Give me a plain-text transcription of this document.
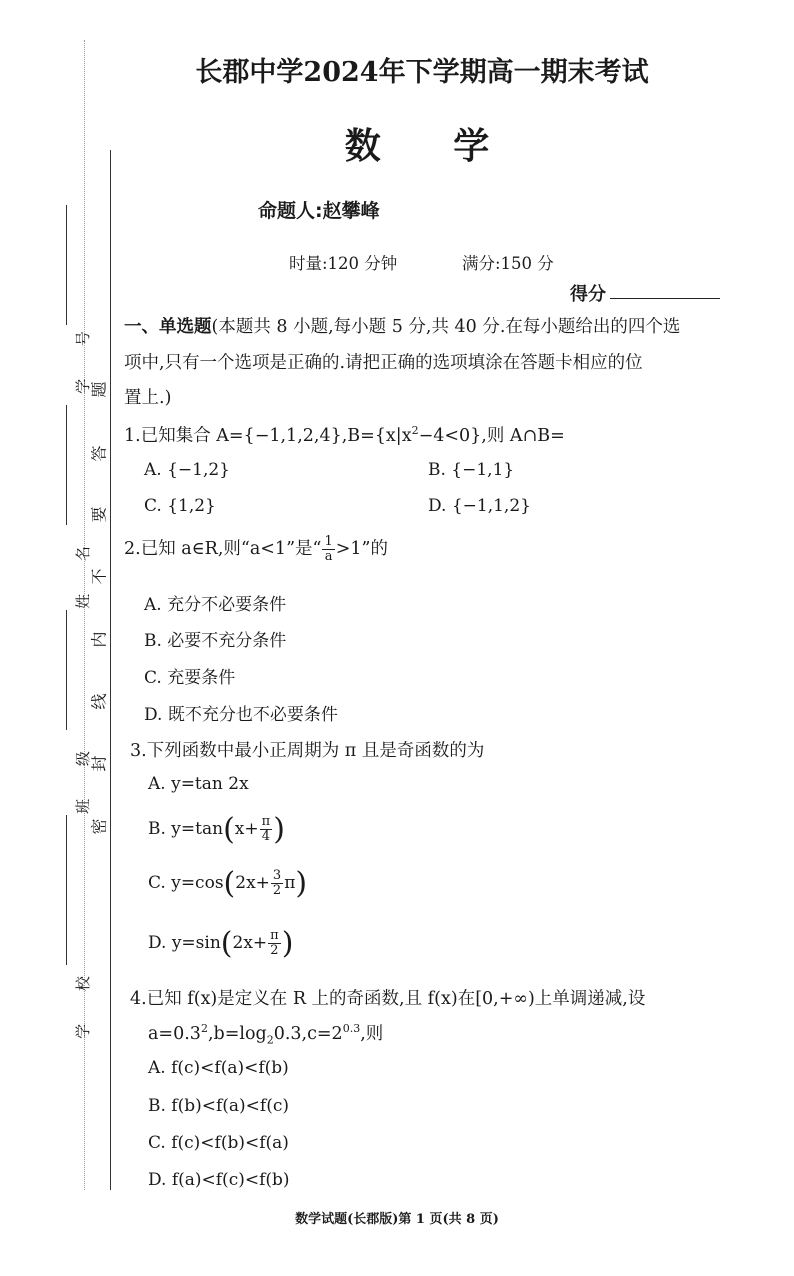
学 号
姓 名
班 级
学 校
题
答
要
不
内
线
封
密
长郡中学2024年下学期高一期末考试
数 学
命题人:赵攀峰
时量:120 分钟	满分:150 分
得分
一、单选题(本题共 8 小题,每小题 5 分,共 40 分.在每小题给出的四个选
项中,只有一个选项是正确的.请把正确的选项填涂在答题卡相应的位
置上.)
1.已知集合 $A=\{-1,1,2,4\},B=\{x|x^2-4<0\}$,则 A∩B=
A. {−1,2}	B. {−1,1}
C. {1,2}	D. {−1,1,2}
2.已知 a∈R,则“a<1”是“ $\frac{1}{a} >1$”的
A. 充分不必要条件
B. 必要不充分条件
C. 充要条件
D. 既不充分也不必要条件
3.下列函数中最小正周期为 π 且是奇函数的为
A. y=tan 2x
B. $y=\tan(x+ \frac{\pi}{4}$ )
C. $y=\cos(2x+ \frac{3}{2} \pi)$
D. $y=\sin(2x+ \frac{\pi}{2}$ )
4.已知 f(x)是定义在 R 上的奇函数,且 f(x)在[0,+∞)上单调递减,设
$a=0.3^2,b=\log_20.3,c=2^{0.3}$,则
A. f(c)<f(a)<f(b)
B. f(b)<f(a)<f(c)
C. f(c)<f(b)<f(a)
D. f(a)<f(c)<f(b)
数学试题(长郡版)第 1 页(共 8 页)
